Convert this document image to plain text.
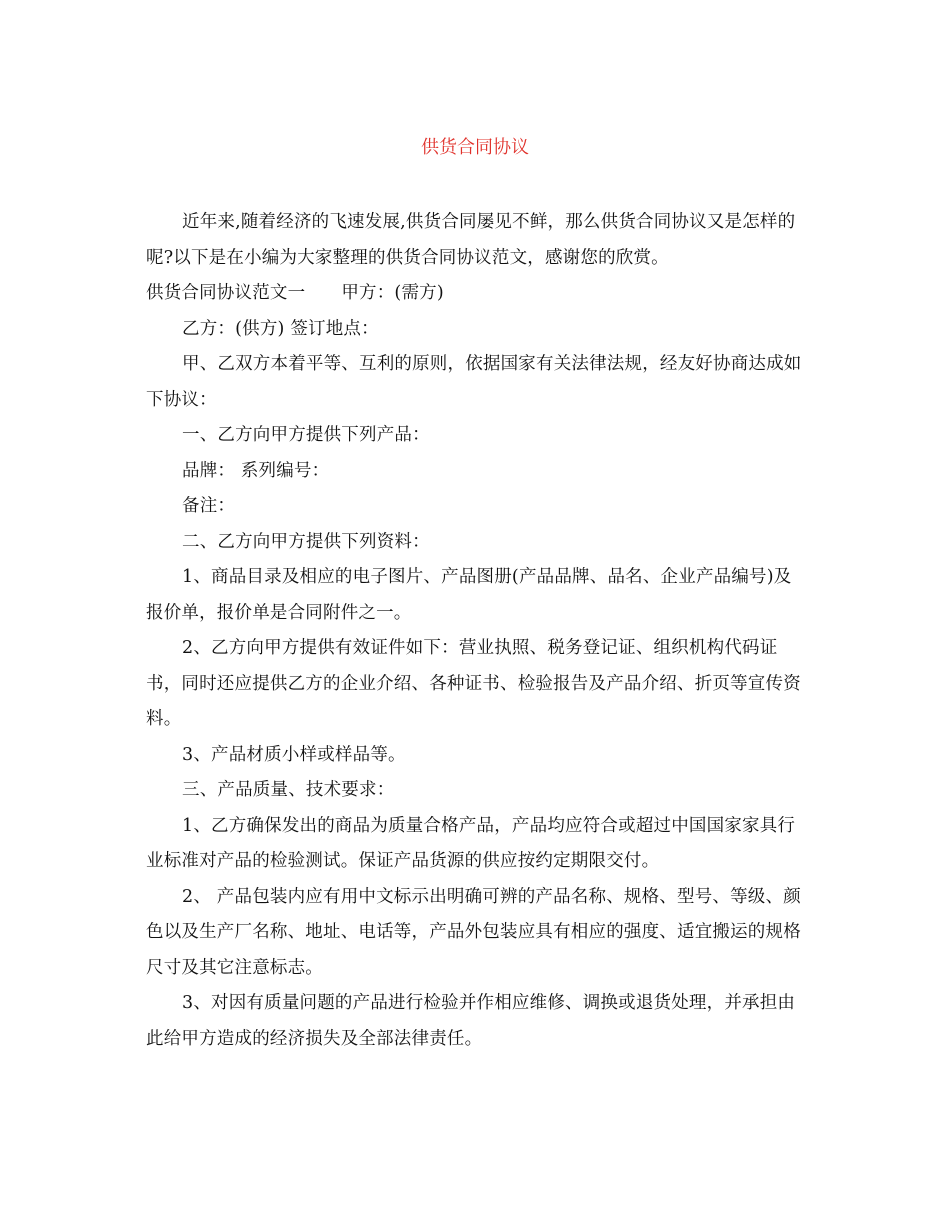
供货合同协议

近年来,随着经济的飞速发展,供货合同屡见不鲜，那么供货合同协议又是怎样的呢?以下是在小编为大家整理的供货合同协议范文，感谢您的欣赏。

供货合同协议范文一 甲方：(需方)

乙方：(供方) 签订地点：

甲、乙双方本着平等、互利的原则，依据国家有关法律法规，经友好协商达成如下协议：

一、乙方向甲方提供下列产品：

品牌： 系列编号：

备注：

二、乙方向甲方提供下列资料：

1、商品目录及相应的电子图片、产品图册(产品品牌、品名、企业产品编号)及报价单，报价单是合同附件之一。

2、乙方向甲方提供有效证件如下：营业执照、税务登记证、组织机构代码证书，同时还应提供乙方的企业介绍、各种证书、检验报告及产品介绍、折页等宣传资料。

3、产品材质小样或样品等。

三、产品质量、技术要求：

1、乙方确保发出的商品为质量合格产品，产品均应符合或超过中国国家家具行业标准对产品的检验测试。保证产品货源的供应按约定期限交付。

2、 产品包装内应有用中文标示出明确可辨的产品名称、规格、型号、等级、颜色以及生产厂名称、地址、电话等，产品外包装应具有相应的强度、适宜搬运的规格尺寸及其它注意标志。

3、对因有质量问题的产品进行检验并作相应维修、调换或退货处理，并承担由此给甲方造成的经济损失及全部法律责任。
